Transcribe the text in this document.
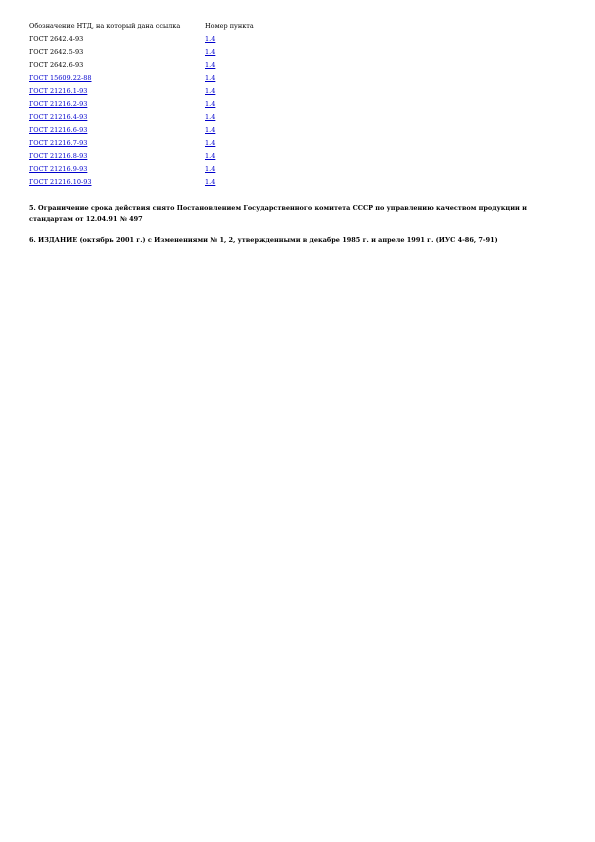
Обозначение НТД, на который дана ссылка	Номер пункта
ГОСТ 2642.4-93	1.4
ГОСТ 2642.5-93	1.4
ГОСТ 2642.6-93	1.4
ГОСТ 15609.22-88	1.4
ГОСТ 21216.1-93	1.4
ГОСТ 21216.2-93	1.4
ГОСТ 21216.4-93	1.4
ГОСТ 21216.6-93	1.4
ГОСТ 21216.7-93	1.4
ГОСТ 21216.8-93	1.4
ГОСТ 21216.9-93	1.4
ГОСТ 21216.10-93	1.4

5. Ограничение срока действия снято Постановлением Государственного комитета СССР по управлению качеством продукции и стандартам от 12.04.91 № 497

6. ИЗДАНИЕ (октябрь 2001 г.) с Изменениями № 1, 2, утвержденными в декабре 1985 г. и апреле 1991 г. (ИУС 4-86, 7-91)
